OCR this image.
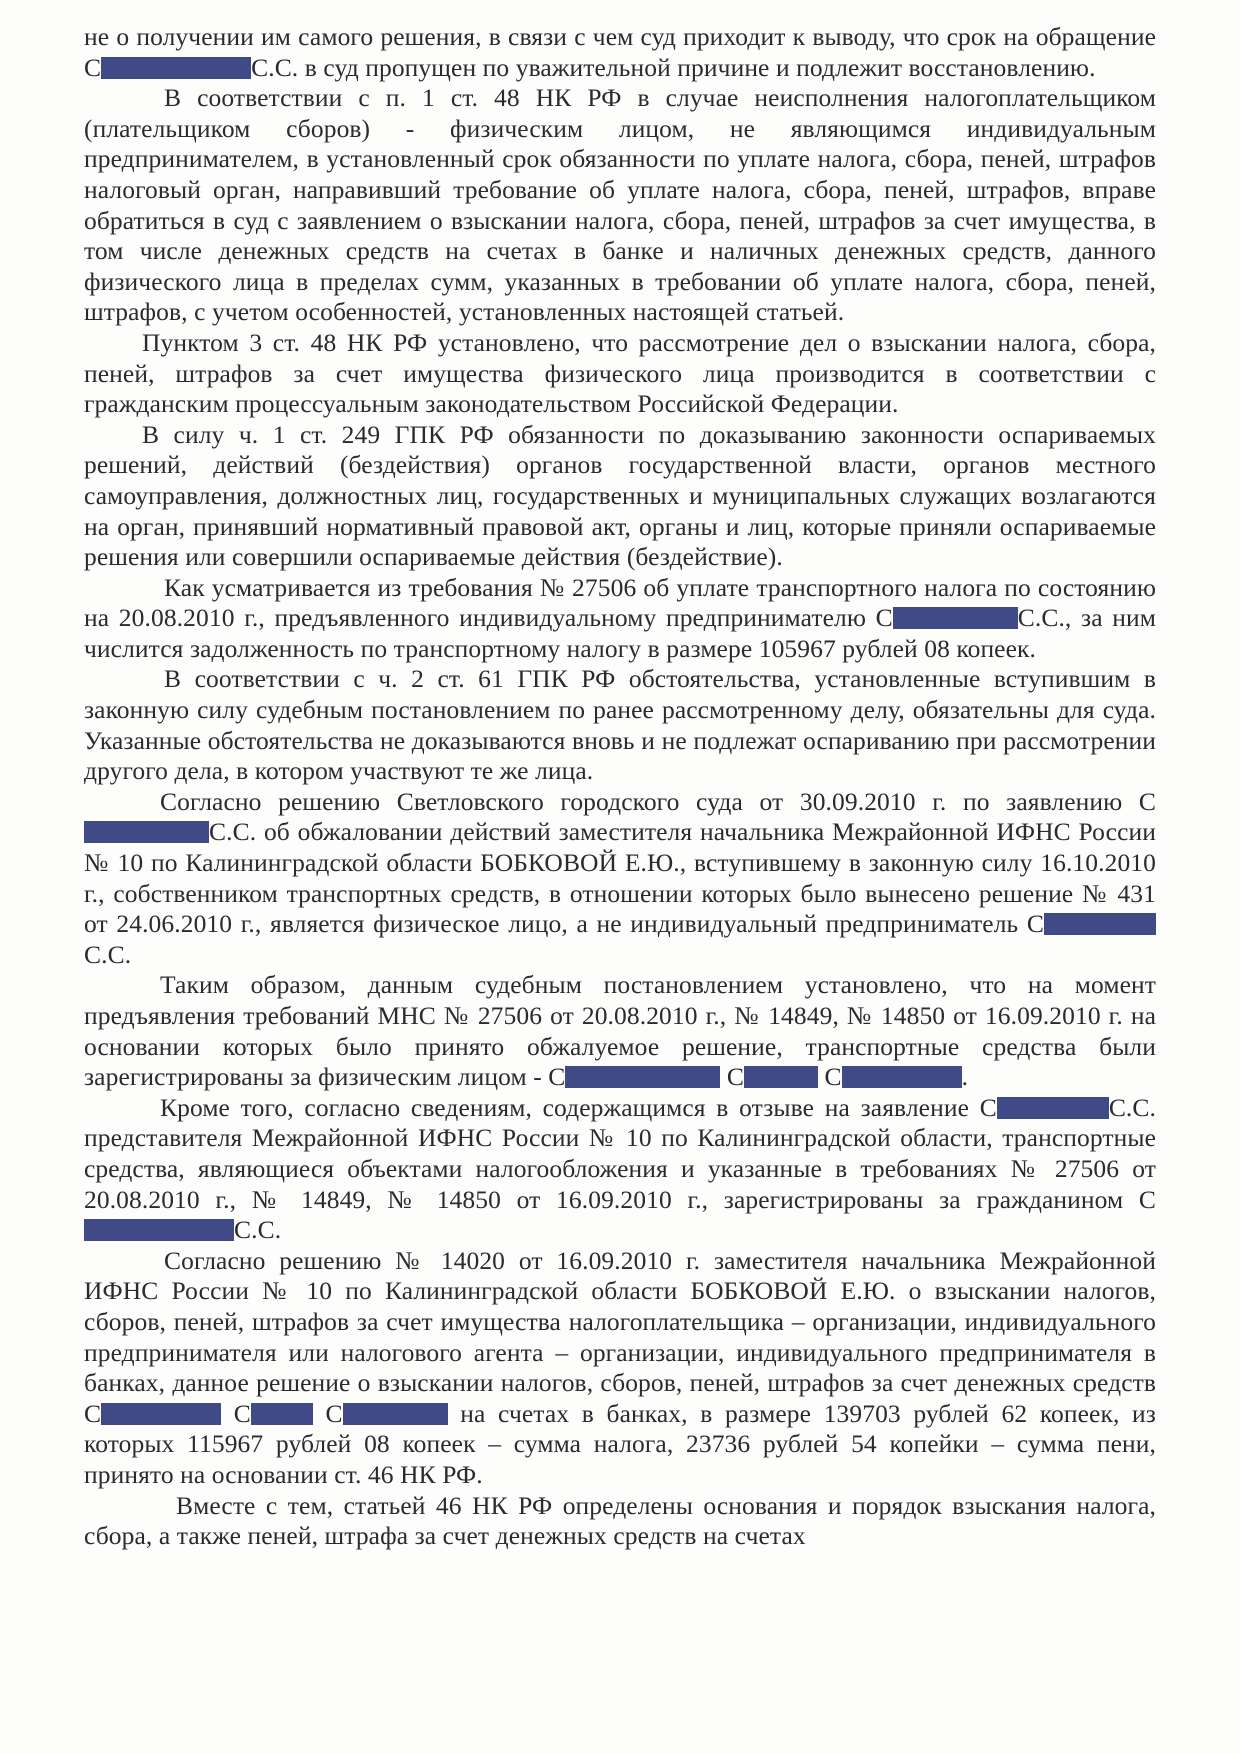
не о получении им самого решения, в связи с чем суд приходит к выводу, что срок на обращение С	С.С. в суд пропущен по уважительной причине и подлежит восстановлению.

В соответствии с п. 1 ст. 48 НК РФ в случае неисполнения налогоплательщиком (плательщиком сборов) - физическим лицом, не являющимся индивидуальным предпринимателем, в установленный срок обязанности по уплате налога, сбора, пеней, штрафов налоговый орган, направивший требование об уплате налога, сбора, пеней, штрафов, вправе обратиться в суд с заявлением о взыскании налога, сбора, пеней, штрафов за счет имущества, в том числе денежных средств на счетах в банке и наличных денежных средств, данного физического лица в пределах сумм, указанных в требовании об уплате налога, сбора, пеней, штрафов, с учетом особенностей, установленных настоящей статьей.

Пунктом 3 ст. 48 НК РФ установлено, что рассмотрение дел о взыскании налога, сбора, пеней, штрафов за счет имущества физического лица производится в соответствии с гражданским процессуальным законодательством Российской Федерации.

В силу ч. 1 ст. 249 ГПК РФ обязанности по доказыванию законности оспариваемых решений, действий (бездействия) органов государственной власти, органов местного самоуправления, должностных лиц, государственных и муниципальных служащих возлагаются на орган, принявший нормативный правовой акт, органы и лиц, которые приняли оспариваемые решения или совершили оспариваемые действия (бездействие).

Как усматривается из требования № 27506 об уплате транспортного налога по состоянию на 20.08.2010 г., предъявленного индивидуальному предпринимателю С	С.С., за ним числится задолженность по транспортному налогу в размере 105967 рублей 08 копеек.

В соответствии с ч. 2 ст. 61 ГПК РФ обстоятельства, установленные вступившим в законную силу судебным постановлением по ранее рассмотренному делу, обязательны для суда. Указанные обстоятельства не доказываются вновь и не подлежат оспариванию при рассмотрении другого дела, в котором участвуют те же лица.

Согласно решению Светловского городского суда от 30.09.2010 г. по заявлению СС.С. об обжаловании действий заместителя начальника Межрайонной ИФНС России № 10 по Калининградской области БОБКОВОЙ Е.Ю., вступившему в законную силу 16.10.2010 г., собственником транспортных средств, в отношении которых было вынесено решение № 431 от 24.06.2010 г., является физическое лицо, а не индивидуальный предприниматель СС.С.

Таким образом, данным судебным постановлением установлено, что на момент предъявления требований МНС № 27506 от 20.08.2010 г., № 14849, № 14850 от 16.09.2010 г. на основании которых было принято обжалуемое решение, транспортные средства были зарегистрированы за физическим лицом - С	С	С	.

Кроме того, согласно сведениям, содержащимся в отзыве на заявление С	С.С. представителя Межрайонной ИФНС России № 10 по Калининградской области, транспортные средства, являющиеся объектами налогообложения и указанные в требованиях № 27506 от 20.08.2010 г., № 14849, № 14850 от 16.09.2010 г., зарегистрированы за гражданином СС.С.

Согласно решению № 14020 от 16.09.2010 г. заместителя начальника Межрайонной ИФНС России № 10 по Калининградской области БОБКОВОЙ Е.Ю. о взыскании налогов, сборов, пеней, штрафов за счет имущества налогоплательщика – организации, индивидуального предпринимателя или налогового агента – организации, индивидуального предпринимателя в банках, данное решение о взыскании налогов, сборов, пеней, штрафов за счет денежных средств С	С С	на счетах в банках, в размере 139703 рублей 62 копеек, из которых 115967 рублей 08 копеек – сумма налога, 23736 рублей 54 копейки – сумма пени, принято на основании ст. 46 НК РФ.

Вместе с тем, статьей 46 НК РФ определены основания и порядок взыскания налога, сбора, а также пеней, штрафа за счет денежных средств на счетах
